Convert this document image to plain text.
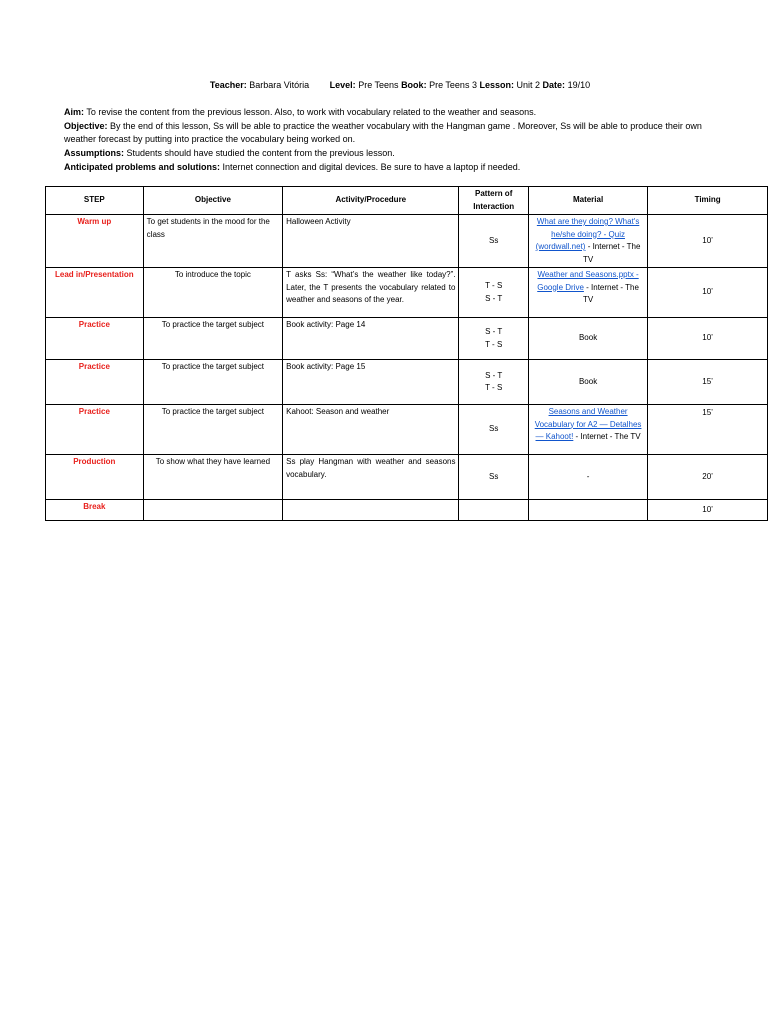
Teacher: Barbara Vitória Level: Pre Teens Book: Pre Teens 3 Lesson: Unit 2 Date: 19/10
Aim: To revise the content from the previous lesson. Also, to work with vocabulary related to the weather and seasons.
Objective: By the end of this lesson, Ss will be able to practice the weather vocabulary with the Hangman game . Moreover, Ss will be able to produce their own weather forecast by putting into practice the vocabulary being worked on.
Assumptions: Students should have studied the content from the previous lesson.
Anticipated problems and solutions: Internet connection and digital devices. Be sure to have a laptop if needed.
STEP	Objective	Activity/Procedure	Pattern of Interaction	Material	Timing
Warm up	To get students in the mood for the class	Halloween Activity	Ss	What are they doing? What's he/she doing? - Quiz (wordwall.net) - Internet - The TV	10’
Lead in/Presentation	To introduce the topic	T asks Ss: “What’s the weather like today?”. Later, the T presents the vocabulary related to weather and seasons of the year.	T - S
S - T	Weather and Seasons.pptx - Google Drive - Internet - The TV	10’
Practice	To practice the target subject	Book activity: Page 14	S - T
T - S	Book	10’
Practice	To practice the target subject	Book activity: Page 15	S - T
T - S	Book	15’
Practice	To practice the target subject	Kahoot: Season and weather	Ss	Seasons and Weather Vocabulary for A2 — Detalhes — Kahoot! - Internet - The TV	15’
Production	To show what they have learned	Ss play Hangman with weather and seasons vocabulary.	Ss	-	20’
Break					10’
